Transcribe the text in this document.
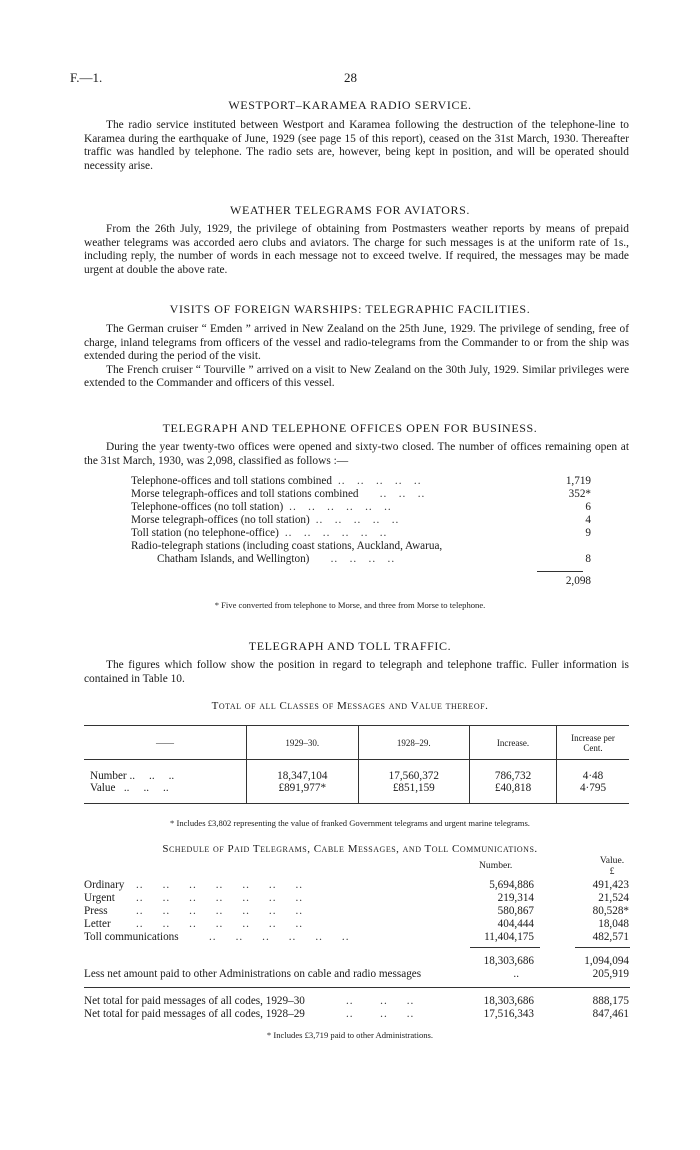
F.—1.	28
WESTPORT–KARAMEA RADIO SERVICE.

The radio service instituted between Westport and Karamea following the destruction of the telephone-line to Karamea during the earthquake of June, 1929 (see page 15 of this report), ceased on the 31st March, 1930. Thereafter traffic was handled by telephone. The radio sets are, however, being kept in position, and will be operated should necessity arise.

WEATHER TELEGRAMS FOR AVIATORS.

From the 26th July, 1929, the privilege of obtaining from Postmasters weather reports by means of prepaid weather telegrams was accorded aero clubs and aviators. The charge for such messages is at the uniform rate of 1s., including reply, the number of words in each message not to exceed twelve. If required, the messages may be made urgent at double the above rate.

VISITS OF FOREIGN WARSHIPS: TELEGRAPHIC FACILITIES.

The German cruiser “ Emden ” arrived in New Zealand on the 25th June, 1929. The privilege of sending, free of charge, inland telegrams from officers of the vessel and radio-telegrams from the Commander to or from the ship was extended during the period of the visit.

The French cruiser “ Tourville ” arrived on a visit to New Zealand on the 30th July, 1929. Similar privileges were extended to the Commander and officers of this vessel.

TELEGRAPH AND TELEPHONE OFFICES OPEN FOR BUSINESS.

During the year twenty-two offices were opened and sixty-two closed. The number of offices remaining open at the 31st March, 1930, was 2,098, classified as follows :—

Telephone-offices and toll stations combined ..   ..   ..   ..   ..	1,719
Morse telegraph-offices and toll stations combined ..   ..   ..	352*
Telephone-offices (no toll station) ..   ..   ..   ..   ..   ..	6
Morse telegraph-offices (no toll station) ..   ..   ..   ..   ..	4
Toll station (no telephone-office) ..   ..   ..   ..   ..   ..	9
Radio-telegraph stations (including coast stations, Auckland, Awarua,
Chatham Islands, and Wellington) ..   ..   ..   ..	8
2,098
* Five converted from telephone to Morse, and three from Morse to telephone.
TELEGRAPH AND TOLL TRAFFIC.

The figures which follow show the position in regard to telegraph and telephone traffic. Fuller information is contained in Table 10.

Total of all Classes of Messages and Value thereof.
——	1929–30.	1928–29.	Increase.	Increase per Cent.

Number ..     ..     ..	18,347,104	17,560,372	786,732	4·48
Value   ..     ..     ..	£891,977*	£851,159	£40,818	4·795

* Includes £3,802 representing the value of franked Government telegrams and urgent marine telegrams.
Schedule of Paid Telegrams, Cable Messages, and Toll Communications.
Number.	Value.
£
Ordinary ..     ..     ..     ..     ..     ..     ..	5,694,886	491,423
Urgent ..     ..     ..     ..     ..     ..     ..	219,314	21,524
Press	..     ..     ..     ..     ..     ..     ..	580,867	80,528*
Letter ..     ..     ..     ..     ..     ..     ..	404,444	18,048
Toll communications	..     ..     ..     ..     ..     ..	11,404,175	482,571
18,303,686	1,094,094
Less net amount paid to other Administrations on cable and radio messages	..	205,919
Net total for paid messages of all codes, 1929–30	..       ..     ..	18,303,686	888,175
Net total for paid messages of all codes, 1928–29	..       ..     ..	17,516,343	847,461
* Includes £3,719 paid to other Administrations.
